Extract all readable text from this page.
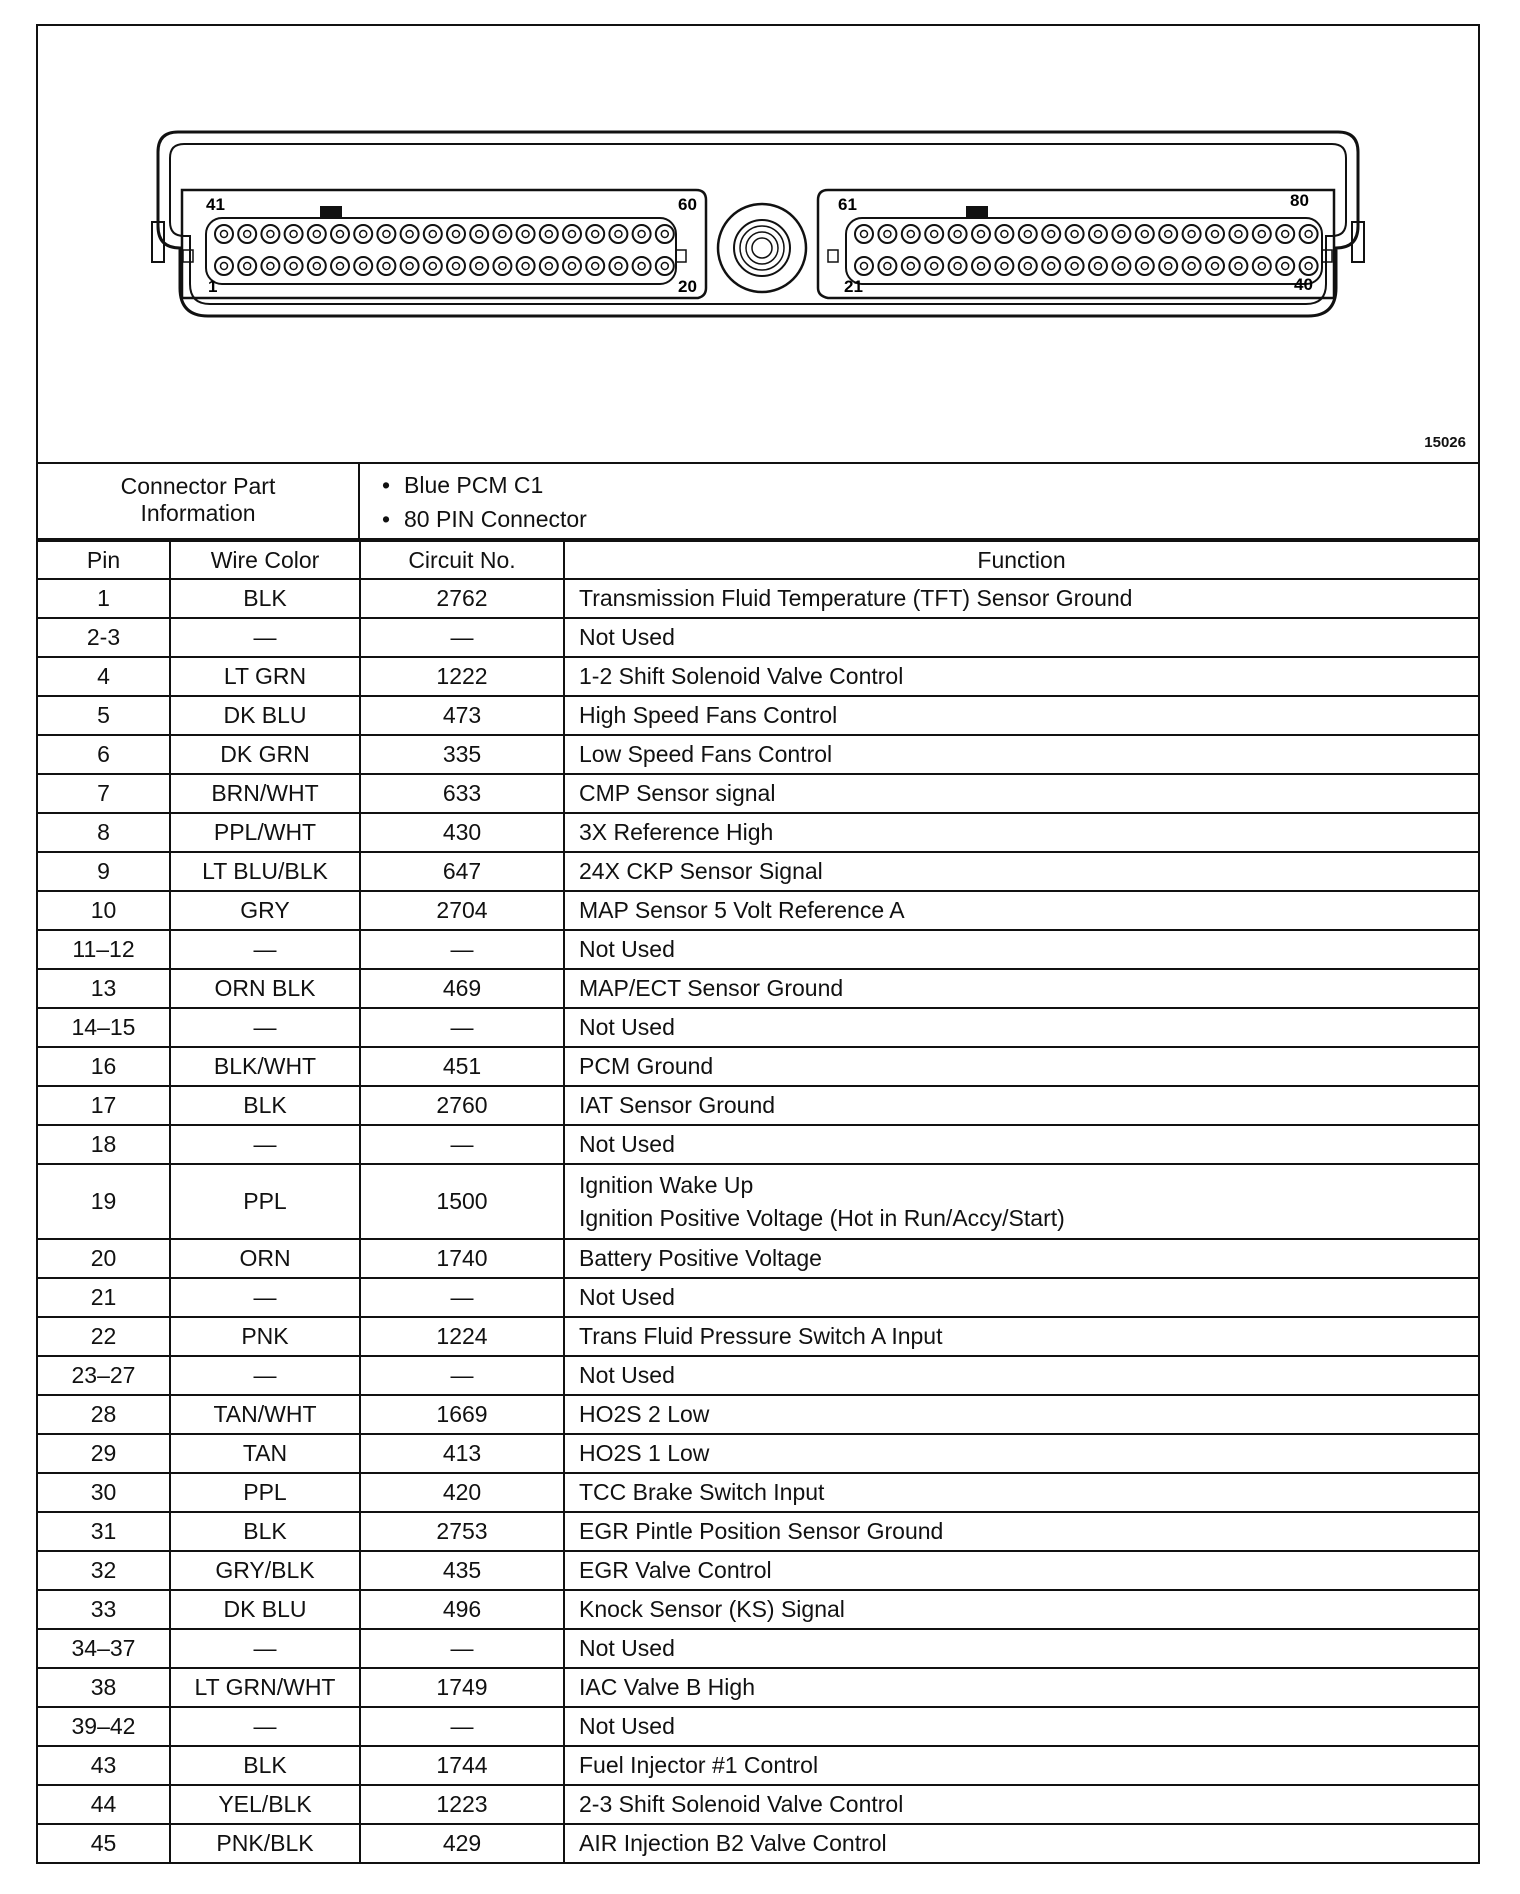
41	60
1	20
61	80
21	40
15026
Connector Part
Information
• Blue PCM C1
• 80 PIN Connector
Pin	Wire Color	Circuit No.	Function
1	BLK	2762	Transmission Fluid Temperature (TFT) Sensor Ground

2-3	—	—	Not Used

4	LT GRN	1222	1-2 Shift Solenoid Valve Control

5	DK BLU	473	High Speed Fans Control

6	DK GRN	335	Low Speed Fans Control

7	BRN/WHT	633	CMP Sensor signal

8	PPL/WHT	430	3X Reference High

9	LT BLU/BLK	647	24X CKP Sensor Signal

10	GRY	2704	MAP Sensor 5 Volt Reference A

11–12	—	—	Not Used

13	ORN BLK	469	MAP/ECT Sensor Ground

14–15	—	—	Not Used

16	BLK/WHT	451	PCM Ground

17	BLK	2760	IAT Sensor Ground

18	—	—	Not Used

19	PPL	1500	Ignition Wake Up
Ignition Positive Voltage (Hot in Run/Accy/Start)

20	ORN	1740	Battery Positive Voltage

21	—	—	Not Used

22	PNK	1224	Trans Fluid Pressure Switch A Input

23–27	—	—	Not Used

28	TAN/WHT	1669	HO2S 2 Low

29	TAN	413	HO2S 1 Low

30	PPL	420	TCC Brake Switch Input

31	BLK	2753	EGR Pintle Position Sensor Ground

32	GRY/BLK	435	EGR Valve Control

33	DK BLU	496	Knock Sensor (KS) Signal

34–37	—	—	Not Used

38	LT GRN/WHT	1749	IAC Valve B High

39–42	—	—	Not Used

43	BLK	1744	Fuel Injector #1 Control

44	YEL/BLK	1223	2-3 Shift Solenoid Valve Control

45	PNK/BLK	429	AIR Injection B2 Valve Control
